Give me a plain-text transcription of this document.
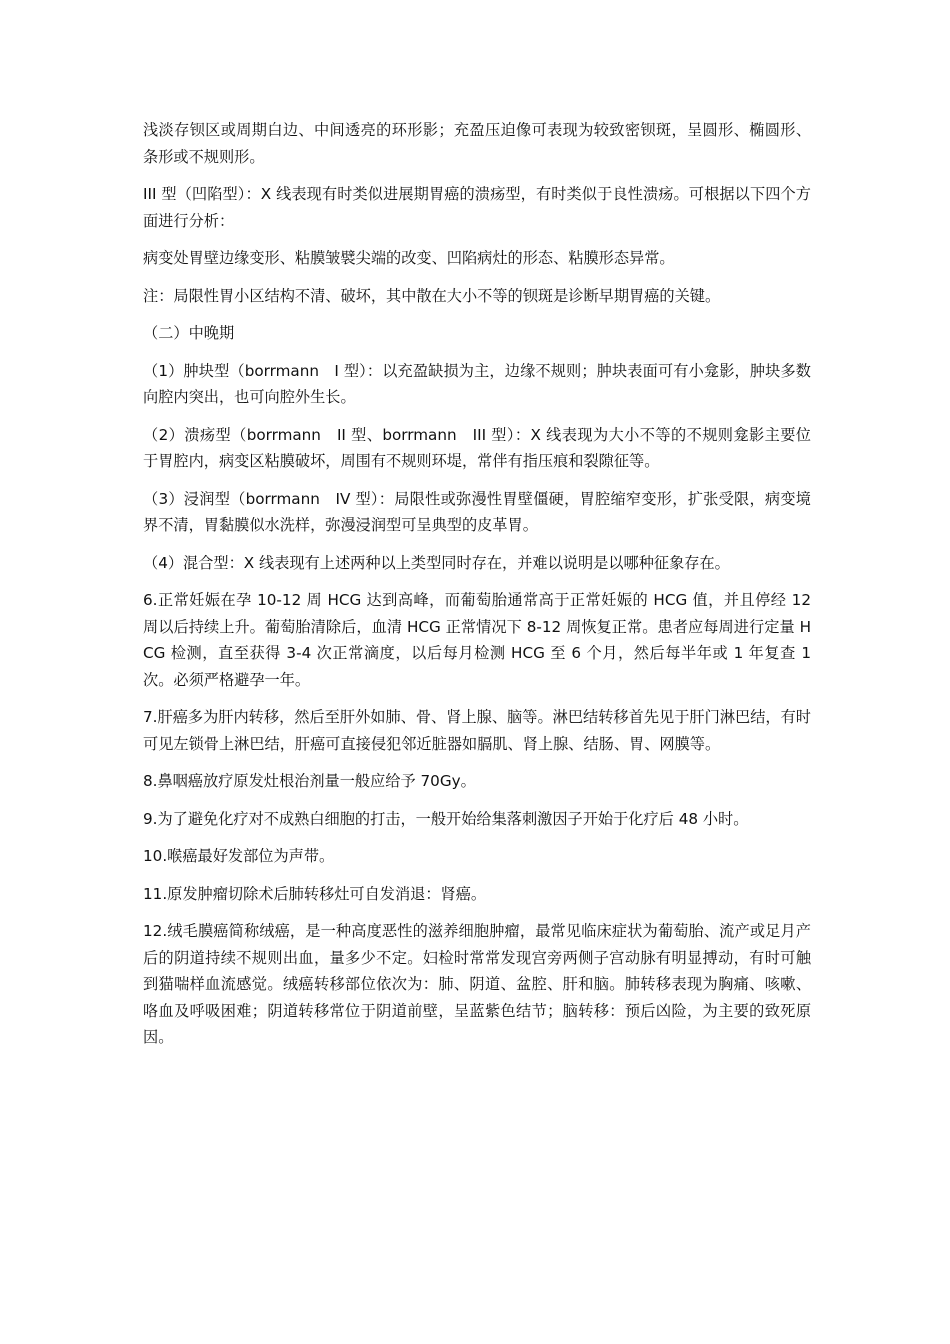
浅淡存钡区或周期白边、中间透亮的环形影；充盈压迫像可表现为较致密钡斑，呈圆形、椭圆形、条形或不规则形。

III 型（凹陷型）：X 线表现有时类似进展期胃癌的溃疡型，有时类似于良性溃疡。可根据以下四个方面进行分析：

病变处胃壁边缘变形、粘膜皱襞尖端的改变、凹陷病灶的形态、粘膜形态异常。

注：局限性胃小区结构不清、破坏，其中散在大小不等的钡斑是诊断早期胃癌的关键。

（二）中晚期

（1）肿块型（borrmann　I 型）：以充盈缺损为主，边缘不规则；肿块表面可有小龛影，肿块多数向腔内突出，也可向腔外生长。

（2）溃疡型（borrmann　II 型、borrmann　III 型）：X 线表现为大小不等的不规则龛影主要位于胃腔内，病变区粘膜破坏，周围有不规则环堤，常伴有指压痕和裂隙征等。

（3）浸润型（borrmann　IV 型）：局限性或弥漫性胃壁僵硬，胃腔缩窄变形，扩张受限，病变境界不清，胃黏膜似水洗样，弥漫浸润型可呈典型的皮革胃。

（4）混合型：X 线表现有上述两种以上类型同时存在，并难以说明是以哪种征象存在。

6.正常妊娠在孕 10-12 周 HCG 达到高峰，而葡萄胎通常高于正常妊娠的 HCG 值，并且停经 12 周以后持续上升。葡萄胎清除后，血清 HCG 正常情况下 8-12 周恢复正常。患者应每周进行定量 HCG 检测，直至获得 3-4 次正常滴度，以后每月检测 HCG 至 6 个月，然后每半年或 1 年复查 1 次。必须严格避孕一年。

7.肝癌多为肝内转移，然后至肝外如肺、骨、肾上腺、脑等。淋巴结转移首先见于肝门淋巴结，有时可见左锁骨上淋巴结，肝癌可直接侵犯邻近脏器如膈肌、肾上腺、结肠、胃、网膜等。

8.鼻咽癌放疗原发灶根治剂量一般应给予 70Gy。

9.为了避免化疗对不成熟白细胞的打击，一般开始给集落刺激因子开始于化疗后 48 小时。

10.喉癌最好发部位为声带。

11.原发肿瘤切除术后肺转移灶可自发消退：肾癌。

12.绒毛膜癌简称绒癌，是一种高度恶性的滋养细胞肿瘤，最常见临床症状为葡萄胎、流产或足月产后的阴道持续不规则出血，量多少不定。妇检时常常发现宫旁两侧子宫动脉有明显搏动，有时可触到猫喘样血流感觉。绒癌转移部位依次为：肺、阴道、盆腔、肝和脑。肺转移表现为胸痛、咳嗽、咯血及呼吸困难；阴道转移常位于阴道前壁，呈蓝紫色结节；脑转移：预后凶险，为主要的致死原因。
